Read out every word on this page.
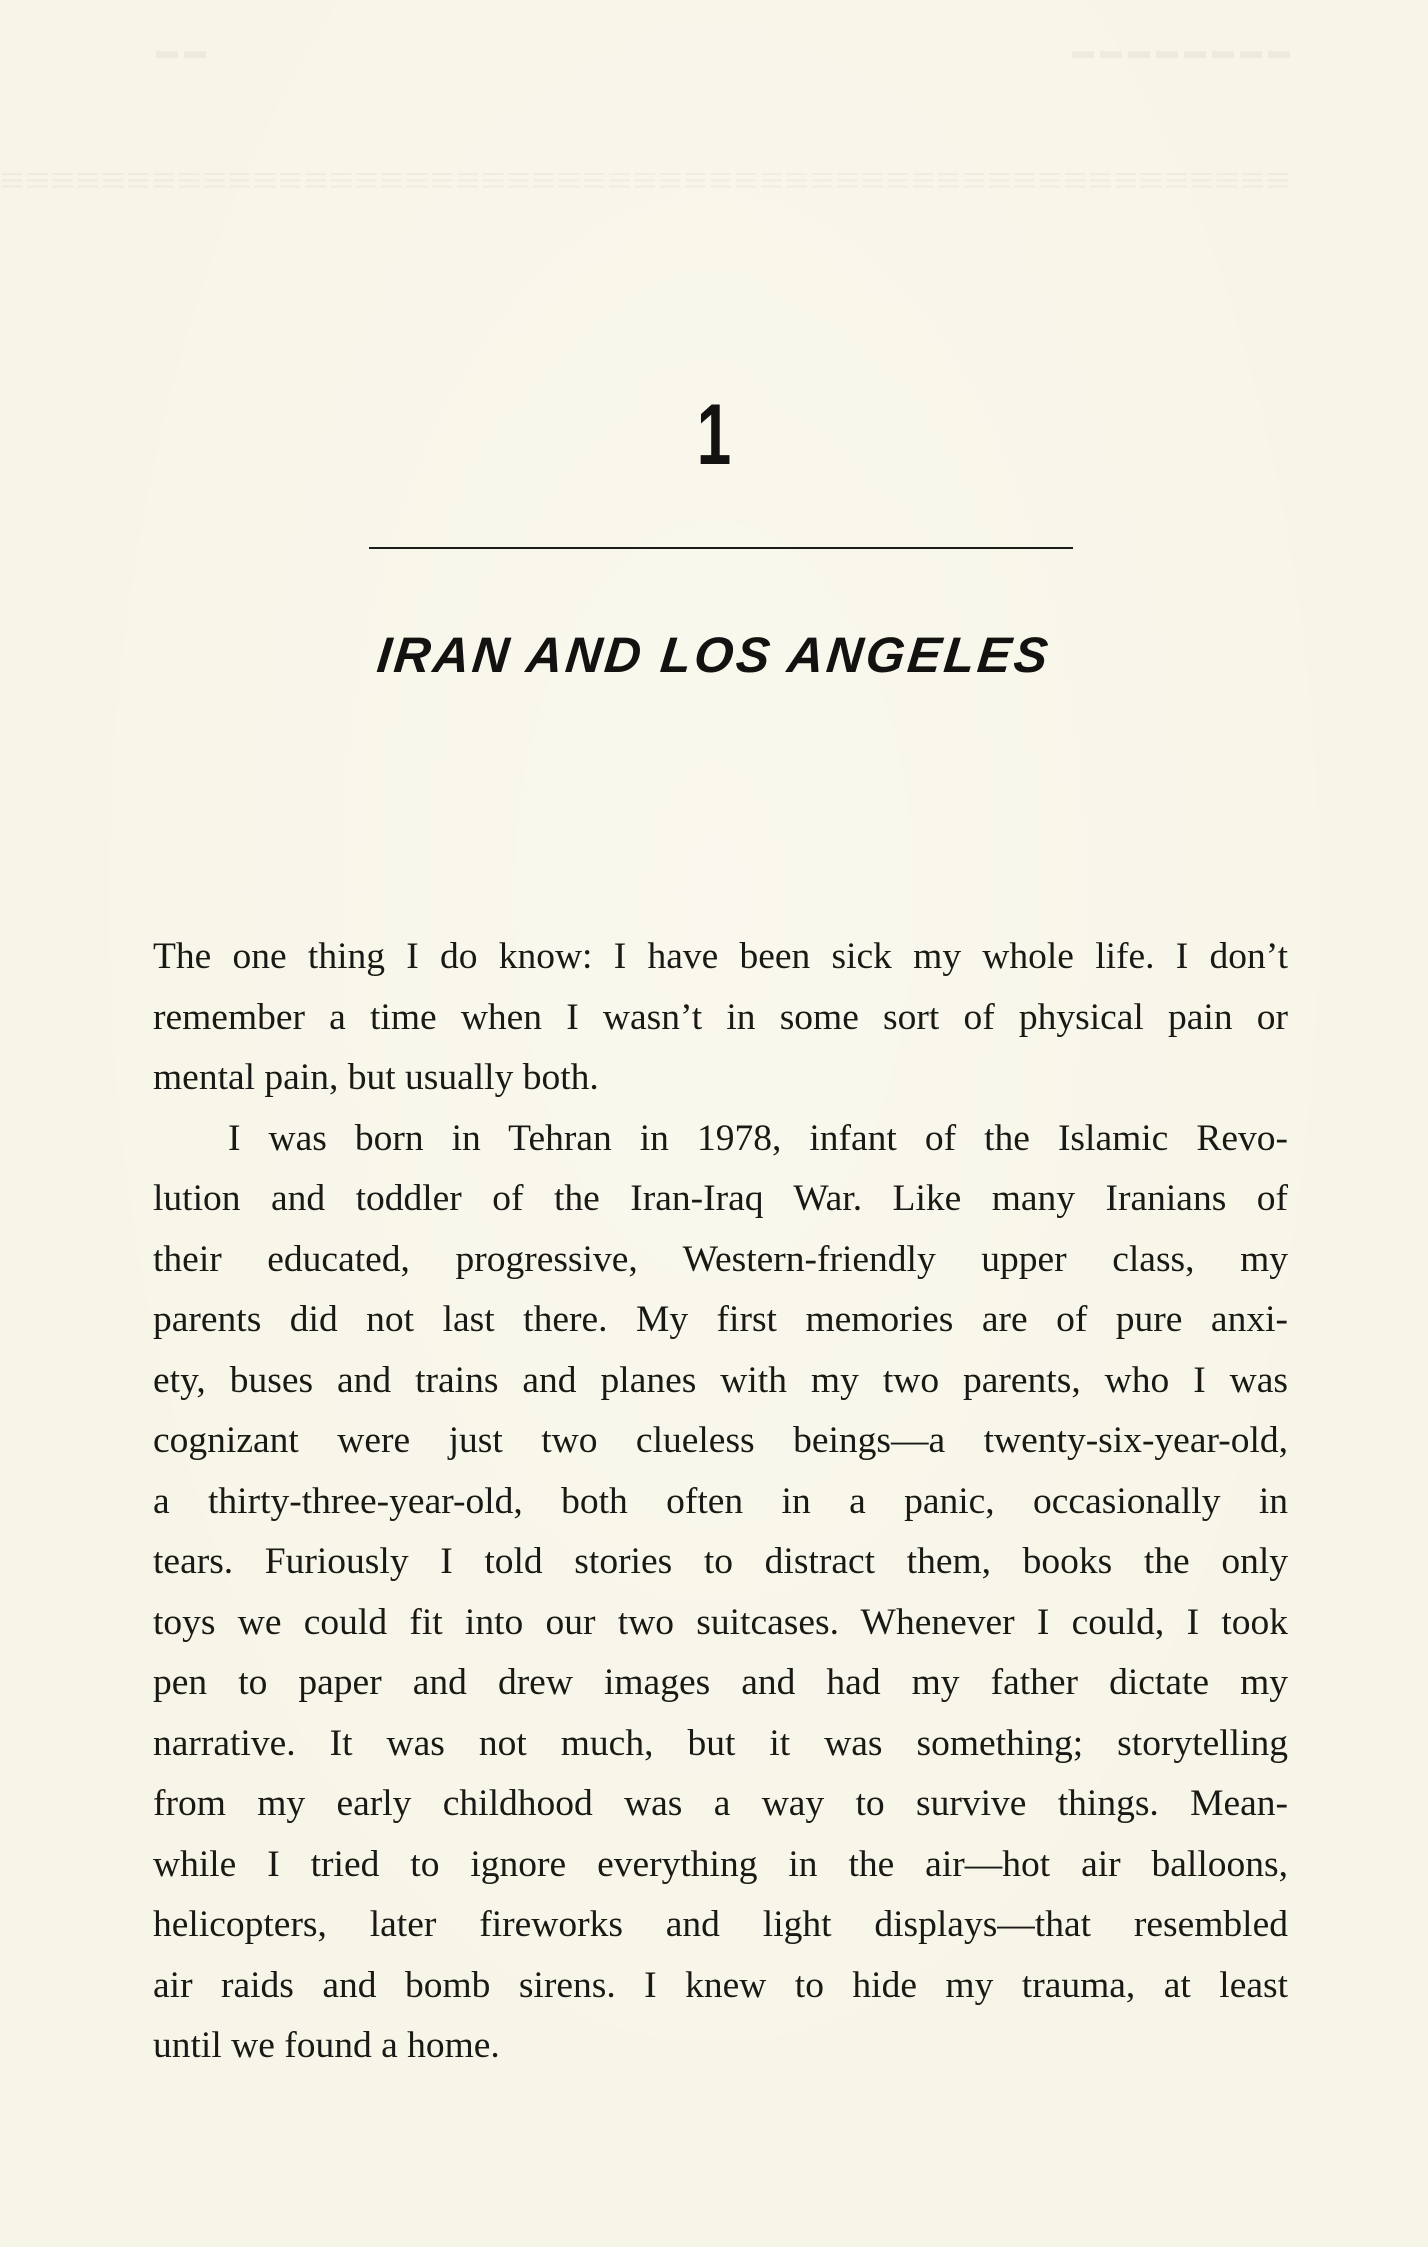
▬▬▬▬▬▬▬▬
▬▬
1
IRAN AND LOS ANGELES

The one thing I do know: I have been sick my whole life. I don’t
remember a time when I wasn’t in some sort of physical pain or
mental pain, but usually both.

I was born in Tehran in 1978, infant of the Islamic Revo-
lution and toddler of the Iran-Iraq War. Like many Iranians of
their educated, progressive, Western-friendly upper class, my
parents did not last there. My first memories are of pure anxi-
ety, buses and trains and planes with my two parents, who I was
cognizant were just two clueless beings—a twenty-six-year-old,
a thirty-three-year-old, both often in a panic, occasionally in
tears. Furiously I told stories to distract them, books the only
toys we could fit into our two suitcases. Whenever I could, I took
pen to paper and drew images and had my father dictate my
narrative. It was not much, but it was something; storytelling
from my early childhood was a way to survive things. Mean-
while I tried to ignore everything in the air—hot air balloons,
helicopters, later fireworks and light displays—that resembled
air raids and bomb sirens. I knew to hide my trauma, at least
until we found a home.
